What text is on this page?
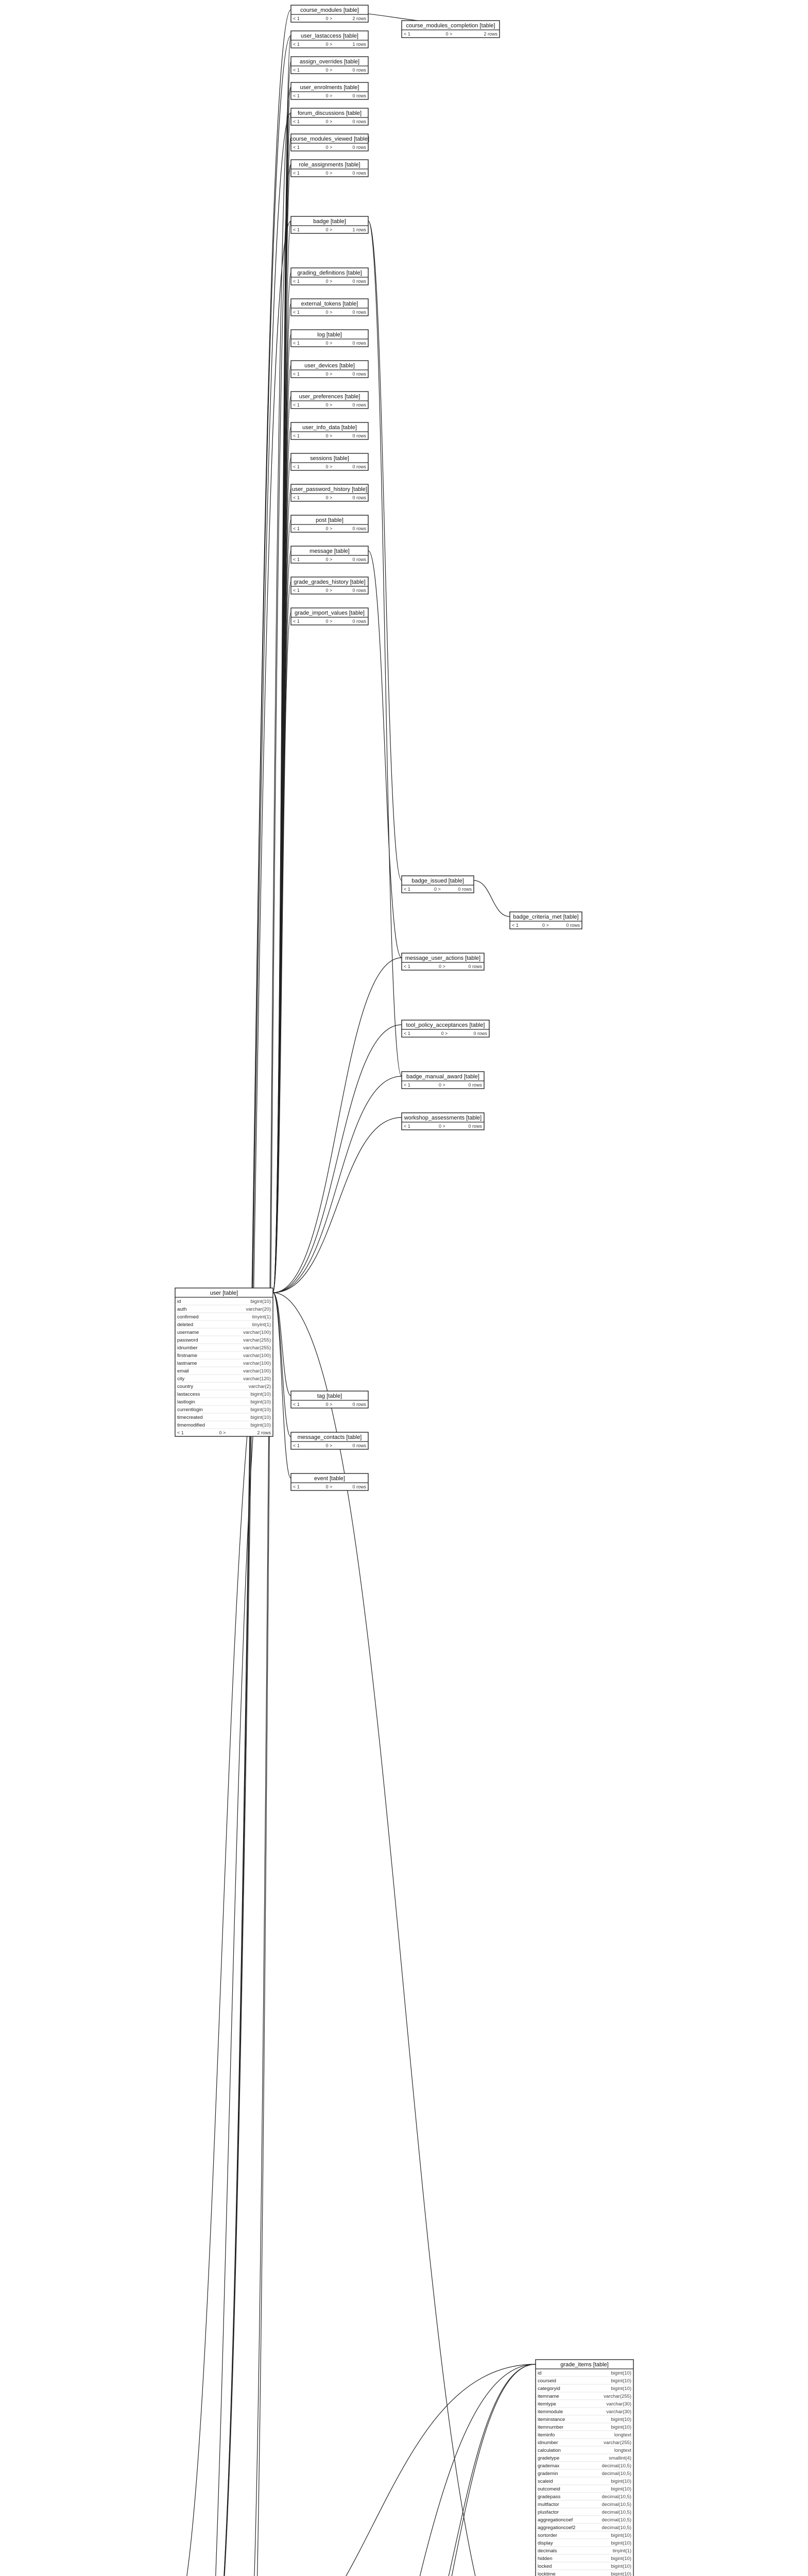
course_modules [table]
< 1	0 >	2 rows
course_modules_completion [table]
< 1	0 >	2 rows
user_lastaccess [table]
< 1	0 >	1 rows
assign_overrides [table]
< 1	0 >	0 rows
user_enrolments [table]
< 1	0 >	0 rows
forum_discussions [table]
< 1	0 >	0 rows
course_modules_viewed [table]
< 1	0 >	0 rows
role_assignments [table]
< 1	0 >	0 rows
badge [table]
< 1	0 >	1 rows
grading_definitions [table]
< 1	0 >	0 rows
external_tokens [table]
< 1	0 >	0 rows
log [table]
< 1	0 >	0 rows
user_devices [table]
< 1	0 >	0 rows
user_preferences [table]
< 1	0 >	0 rows
user_info_data [table]
< 1	0 >	0 rows
sessions [table]
< 1	0 >	0 rows
user_password_history [table]
< 1	0 >	0 rows
post [table]
< 1	0 >	0 rows
message [table]
< 1	0 >	0 rows
grade_grades_history [table]
< 1	0 >	0 rows
badge_issued [table]
< 1	0 >	0 rows
badge_criteria_met [table]
< 1	0 >	0 rows
grade_import_values [table]
< 1	0 >	0 rows
message_user_actions [table]
< 1	0 >	0 rows
tool_policy_acceptances [table]
< 1	0 >	0 rows
badge_manual_award [table]
< 1	0 >	0 rows
workshop_assessments [table]
< 1	0 >	0 rows
tag [table]
< 1	0 >	0 rows
message_contacts [table]
< 1	0 >	0 rows
event [table]
< 1	0 >	0 rows
grade_items [table]
id	bigint(10)
courseid	bigint(10)
categoryid	bigint(10)
itemname	varchar(255)
itemtype	varchar(30)
itemmodule	varchar(30)
iteminstance	bigint(10)
itemnumber	bigint(10)
iteminfo	longtext
idnumber	varchar(255)
calculation	longtext
gradetype	smallint(4)
grademax	decimal(10,5)
grademin	decimal(10,5)
scaleid	bigint(10)
outcomeid	bigint(10)
gradepass	decimal(10,5)
multfactor	decimal(10,5)
plusfactor	decimal(10,5)
aggregationcoef	decimal(10,5)
aggregationcoef2	decimal(10,5)
sortorder	bigint(10)
display	bigint(10)
decimals	tinyint(1)
hidden	bigint(10)
locked	bigint(10)
locktime	bigint(10)
user [table]
id	bigint(10)
auth	varchar(20)
confirmed	tinyint(1)
deleted	tinyint(1)
username	varchar(100)
password	varchar(255)
idnumber	varchar(255)
firstname	varchar(100)
lastname	varchar(100)
email	varchar(100)
city	varchar(120)
country	varchar(2)
lastaccess	bigint(10)
lastlogin	bigint(10)
currentlogin	bigint(10)
timecreated	bigint(10)
timemodified	bigint(10)
< 1	0 >	2 rows
